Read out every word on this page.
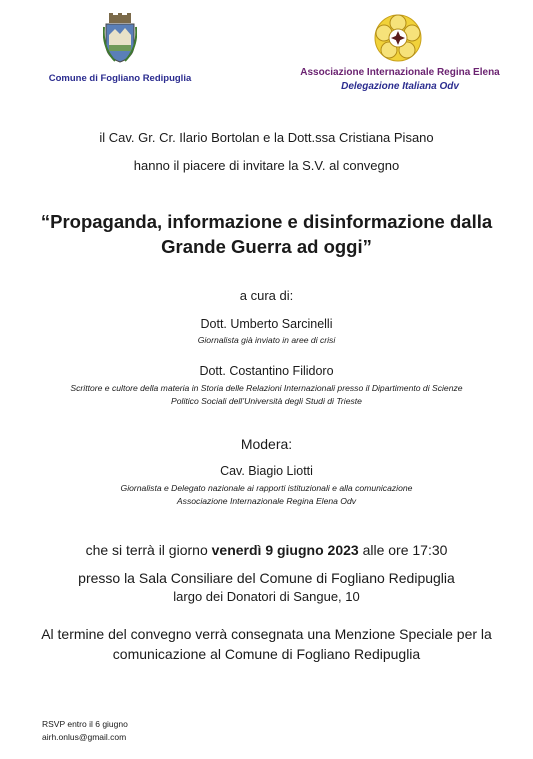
Comune di Fogliano Redipuglia
Associazione Internazionale Regina Elena
Delegazione Italiana Odv
il Cav. Gr. Cr. Ilario Bortolan e la Dott.ssa Cristiana Pisano
hanno il piacere di invitare la S.V. al convegno
“Propaganda, informazione e disinformazione dalla
Grande Guerra ad oggi”
a cura di:
Dott. Umberto Sarcinelli
Giornalista già inviato in aree di crisi
Dott. Costantino Filidoro
Scrittore e cultore della materia in Storia delle Relazioni Internazionali presso il Dipartimento di Scienze
Politico Sociali dell’Università degli Studi di Trieste
Modera:
Cav. Biagio Liotti
Giornalista e Delegato nazionale ai rapporti istituzionali e alla comunicazione
Associazione Internazionale Regina Elena Odv
che si terrà il giorno venerdì 9 giugno 2023 alle ore 17:30
presso la Sala Consiliare del Comune di Fogliano Redipuglia
largo dei Donatori di Sangue, 10
Al termine del convegno verrà consegnata una Menzione Speciale per la
comunicazione al Comune di Fogliano Redipuglia
RSVP entro il 6 giugno
airh.onlus@gmail.com
